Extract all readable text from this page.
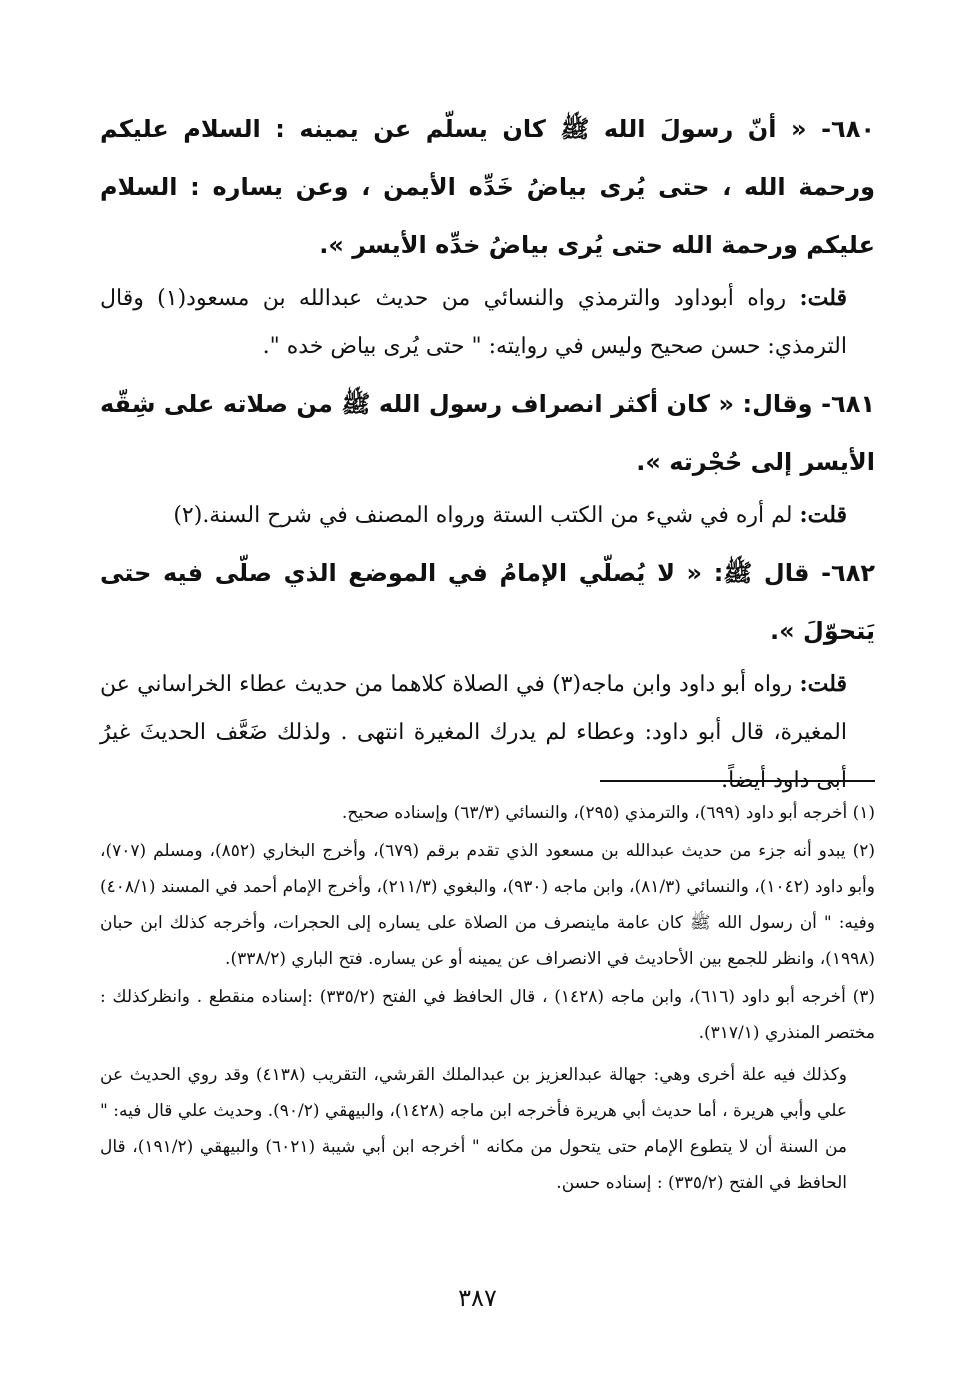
٦٨٠- « أنّ رسولَ الله ﷺ كان يسلّم عن يمينه : السلام عليكم ورحمة الله ، حتى يُرى بياضُ خَدِّه الأيمن ، وعن يساره : السلام عليكم ورحمة الله حتى يُرى بياضُ خدِّه الأيسر ».

قلت: رواه أبوداود والترمذي والنسائي من حديث عبدالله بن مسعود(١) وقال الترمذي: حسن صحيح وليس في روايته: " حتى يُرى بياض خده ".

٦٨١- وقال: « كان أكثر انصراف رسول الله ﷺ من صلاته على شِقّه الأيسر إلى حُجْرته ».

قلت: لم أره في شيء من الكتب الستة ورواه المصنف في شرح السنة.(٢)

٦٨٢- قال ﷺ: « لا يُصلّي الإمامُ في الموضع الذي صلّى فيه حتى يَتحوّلَ ».

قلت: رواه أبو داود وابن ماجه(٣) في الصلاة كلاهما من حديث عطاء الخراساني عن المغيرة، قال أبو داود: وعطاء لم يدرك المغيرة انتهى . ولذلك ضَعَّف الحديثَ غيرُ أبى داود أيضاً.

(١) أخرجه أبو داود (٦٩٩)، والترمذي (٢٩٥)، والنسائي (٦٣/٣) وإسناده صحيح.

(٢) يبدو أنه جزء من حديث عبدالله بن مسعود الذي تقدم برقم (٦٧٩)، وأخرج البخاري (٨٥٢)، ومسلم (٧٠٧)، وأبو داود (١٠٤٢)، والنسائي (٨١/٣)، وابن ماجه (٩٣٠)، والبغوي (٢١١/٣)، وأخرج الإمام أحمد في المسند (٤٠٨/١) وفيه: " أن رسول الله ﷺ كان عامة ماينصرف من الصلاة على يساره إلى الحجرات، وأخرجه كذلك ابن حبان (١٩٩٨)، وانظر للجمع بين الأحاديث في الانصراف عن يمينه أو عن يساره. فتح الباري (٣٣٨/٢).

(٣) أخرجه أبو داود (٦١٦)، وابن ماجه (١٤٢٨) ، قال الحافظ في الفتح (٣٣٥/٢) :إسناده منقطع . وانظركذلك : مختصر المنذري (٣١٧/١).

وكذلك فيه علة أخرى وهي: جهالة عبدالعزيز بن عبدالملك القرشي، التقريب (٤١٣٨) وقد روي الحديث عن علي وأبي هريرة ، أما حديث أبي هريرة فأخرجه ابن ماجه (١٤٢٨)، والبيهقي (٩٠/٢). وحديث علي قال فيه: " من السنة أن لا يتطوع الإمام حتى يتحول من مكانه " أخرجه ابن أبي شيبة (٦٠٢١) والبيهقي (١٩١/٢)، قال الحافظ في الفتح (٣٣٥/٢) : إسناده حسن.

٣٨٧
